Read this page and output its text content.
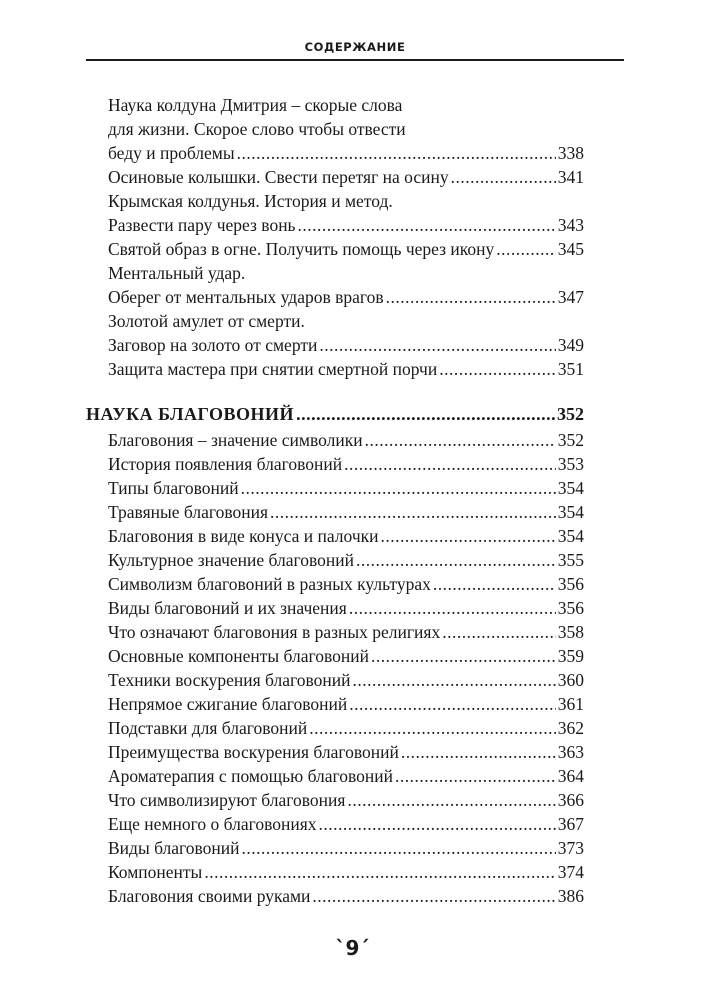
СОДЕРЖАНИЕ
Наука колдуна Дмитрия – скорые слова
для жизни. Скорое слово чтобы отвести
беду и проблемы .....	338
Осиновые колышки. Свести перетяг на осину .....	341
Крымская колдунья. История и метод.
Развести пару через вонь .....	343
Святой образ в огне. Получить помощь через икону .....	345
Ментальный удар.
Оберег от ментальных ударов врагов .....	347
Золотой амулет от смерти.
Заговор на золото от смерти .....	349
Защита мастера при снятии смертной порчи .....	351
НАУКА БЛАГОВОНИЙ .....	352
Благовония – значение символики .....	352
История появления благовоний .....	353
Типы благовоний .....	354
Травяные благовония .....	354
Благовония в виде конуса и палочки .....	354
Культурное значение благовоний .....	355
Символизм благовоний в разных культурах .....	356
Виды благовоний и их значения .....	356
Что означают благовония в разных религиях .....	358
Основные компоненты благовоний .....	359
Техники воскурения благовоний .....	360
Непрямое сжигание благовоний .....	361
Подставки для благовоний .....	362
Преимущества воскурения благовоний .....	363
Ароматерапия с помощью благовоний .....	364
Что символизируют благовония .....	366
Еще немного о благовониях .....	367
Виды благовоний .....	373
Компоненты .....	374
Благовония своими руками .....	386
`9´
